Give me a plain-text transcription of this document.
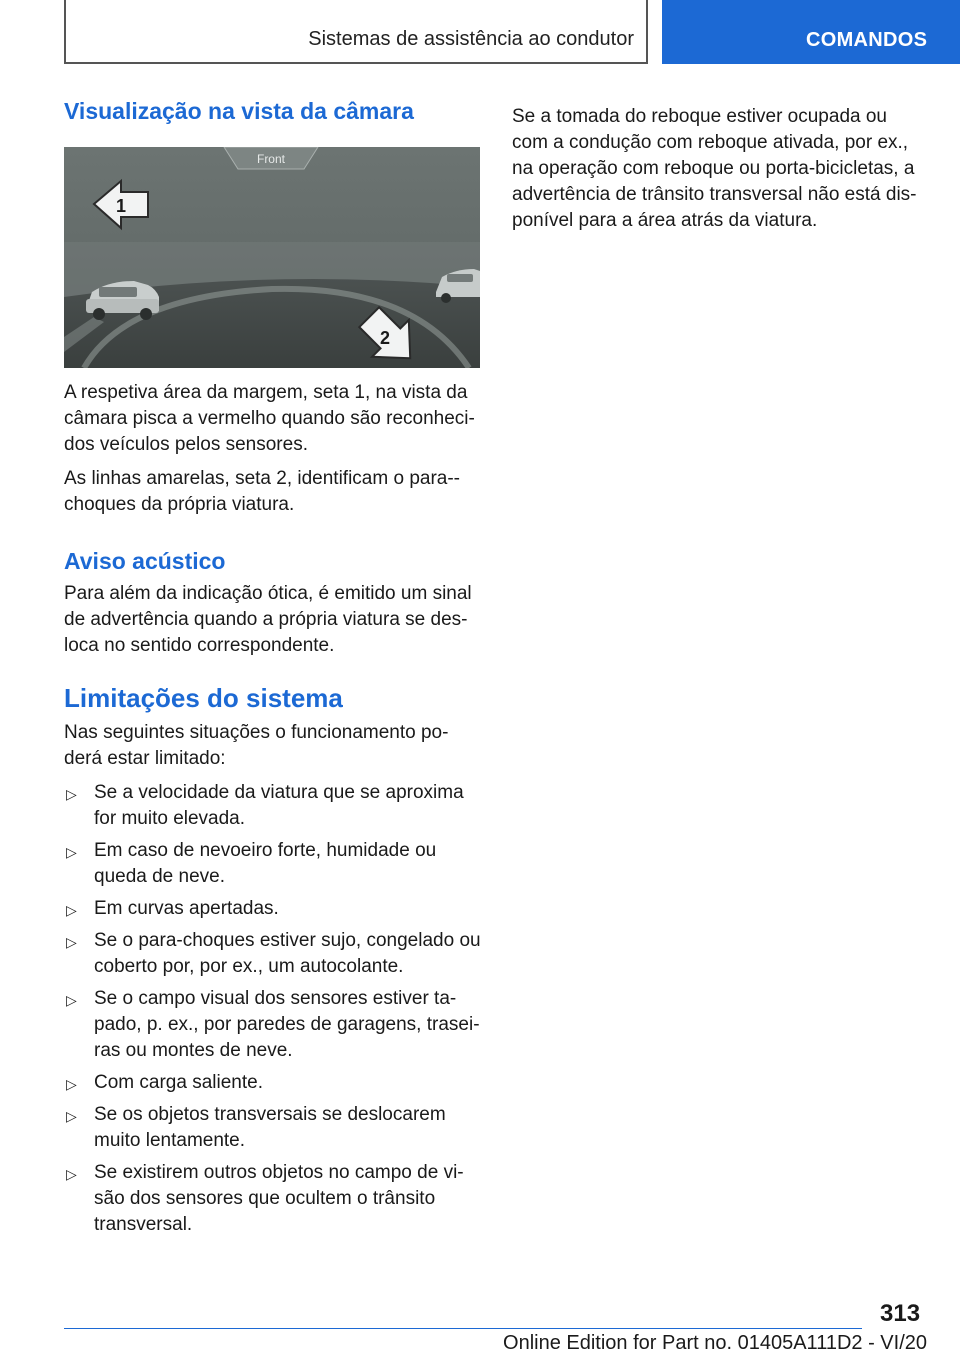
Sistemas de assistência ao condutor	COMANDOS
Visualização na vista da câmara
Front
1
2

A respetiva área da margem, seta 1, na vista da câmara pisca a vermelho quando são reconheci-dos veículos pelos sensores.

As linhas amarelas, seta 2, identificam o para--choques da própria viatura.

Aviso acústico

Para além da indicação ótica, é emitido um sinal de advertência quando a própria viatura se des-loca no sentido correspondente.

Limitações do sistema

Nas seguintes situações o funcionamento po-derá estar limitado:

▷ Se a velocidade da viatura que se aproxima for muito elevada.
▷ Em caso de nevoeiro forte, humidade ou queda de neve.
▷ Em curvas apertadas.
▷ Se o para-choques estiver sujo, congelado ou coberto por, por ex., um autocolante.
▷ Se o campo visual dos sensores estiver ta-pado, p. ex., por paredes de garagens, trasei-ras ou montes de neve.
▷ Com carga saliente.
▷ Se os objetos transversais se deslocarem muito lentamente.
▷ Se existirem outros objetos no campo de vi-são dos sensores que ocultem o trânsito transversal.

Se a tomada do reboque estiver ocupada ou com a condução com reboque ativada, por ex., na operação com reboque ou porta-bicicletas, a advertência de trânsito transversal não está dis-ponível para a área atrás da viatura.

313
Online Edition for Part no. 01405A111D2 - VI/20
